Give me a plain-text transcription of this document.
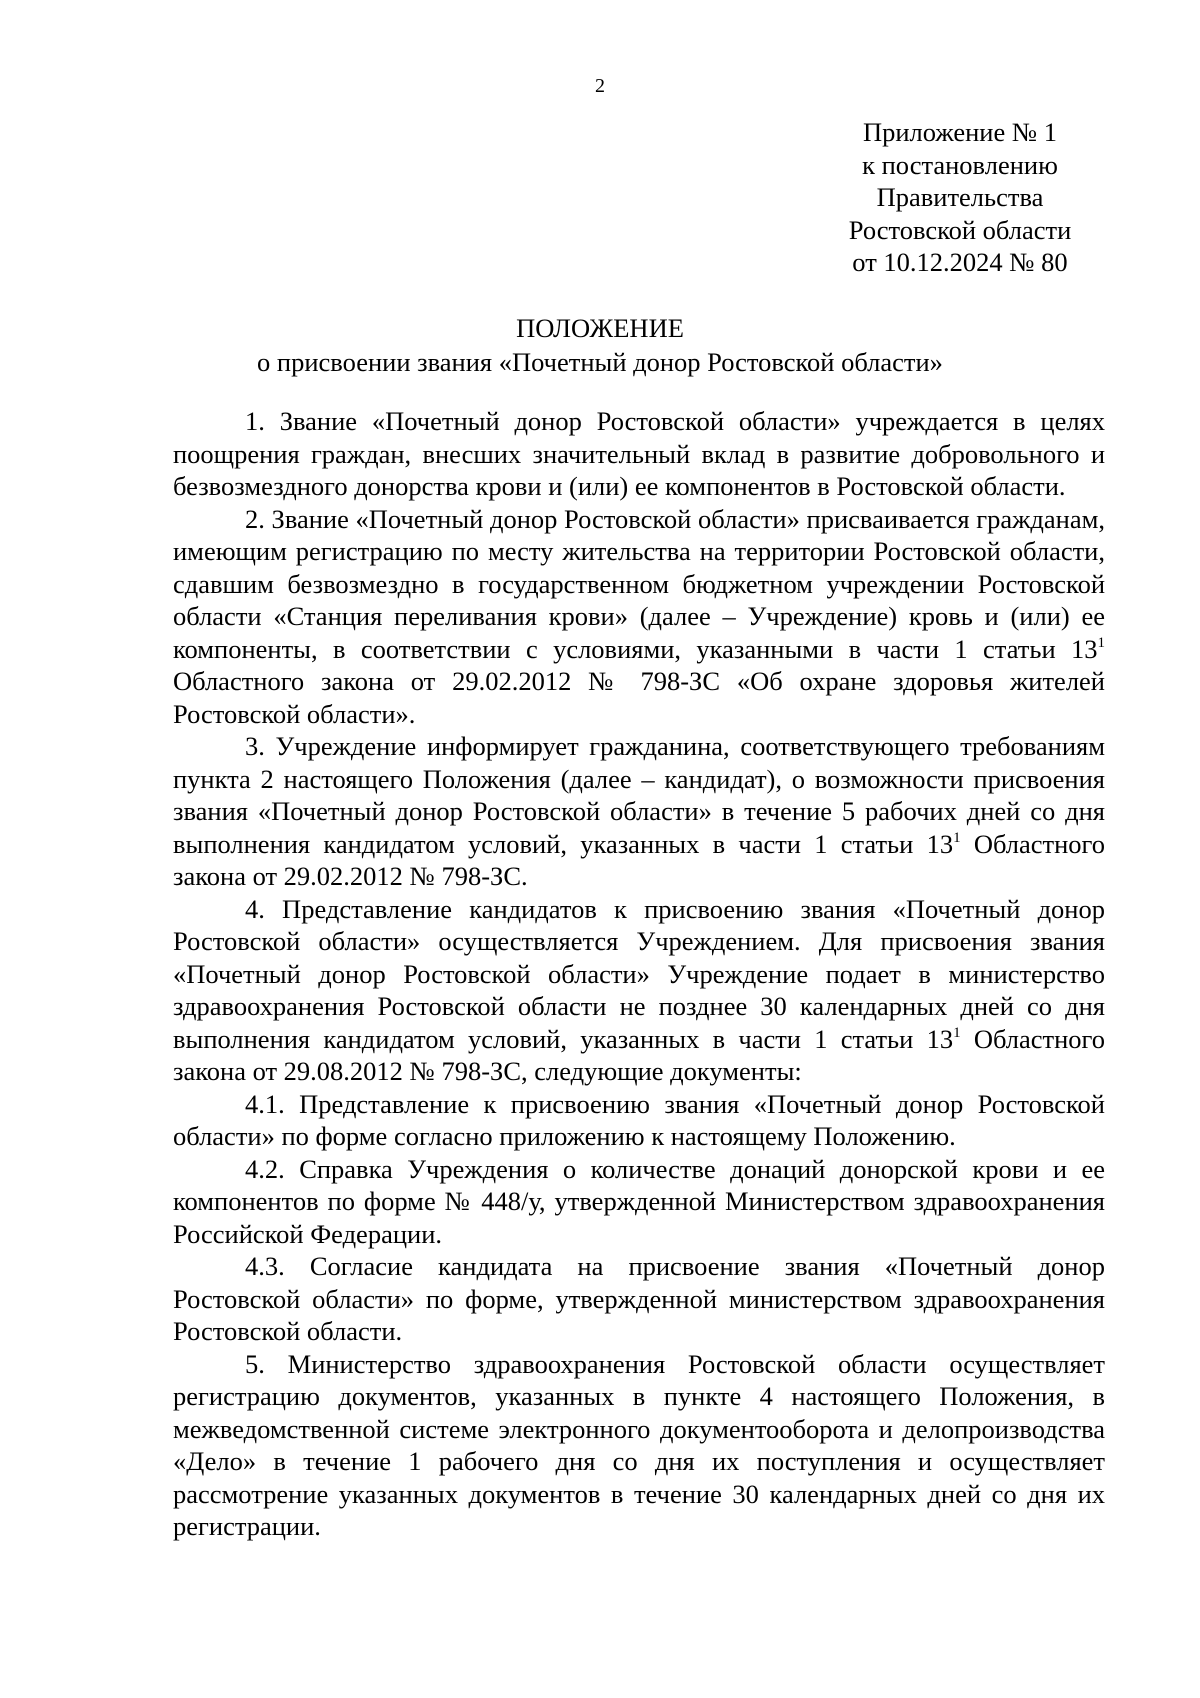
2
Приложение № 1
к постановлению
Правительства
Ростовской области
от 10.12.2024 № 80
ПОЛОЖЕНИЕ
о присвоении звания «Почетный донор Ростовской области»

1. Звание «Почетный донор Ростовской области» учреждается в целях поощрения граждан, внесших значительный вклад в развитие добровольного и безвозмездного донорства крови и (или) ее компонентов в Ростовской области.

2. Звание «Почетный донор Ростовской области» присваивается гражданам, имеющим регистрацию по месту жительства на территории Ростовской области, сдавшим безвозмездно в государственном бюджетном учреждении Ростовской области «Станция переливания крови» (далее – Учреждение) кровь и (или) ее компоненты, в соответствии с условиями, указанными в части 1 статьи $13^1$ Областного закона от 29.02.2012 № 798-ЗС «Об охране здоровья жителей Ростовской области».

3. Учреждение информирует гражданина, соответствующего требованиям пункта 2 настоящего Положения (далее – кандидат), о возможности присвоения звания «Почетный донор Ростовской области» в течение 5 рабочих дней со дня выполнения кандидатом условий, указанных в части 1 статьи $13^1$ Областного закона от 29.02.2012 № 798-ЗС.

4. Представление кандидатов к присвоению звания «Почетный донор Ростовской области» осуществляется Учреждением. Для присвоения звания «Почетный донор Ростовской области» Учреждение подает в министерство здравоохранения Ростовской области не позднее 30 календарных дней со дня выполнения кандидатом условий, указанных в части 1 статьи $13^1$ Областного закона от 29.08.2012 № 798-ЗС, следующие документы:

4.1. Представление к присвоению звания «Почетный донор Ростовской области» по форме согласно приложению к настоящему Положению.

4.2. Справка Учреждения о количестве донаций донорской крови и ее компонентов по форме № 448/у, утвержденной Министерством здравоохранения Российской Федерации.

4.3. Согласие кандидата на присвоение звания «Почетный донор Ростовской области» по форме, утвержденной министерством здравоохранения Ростовской области.

5. Министерство здравоохранения Ростовской области осуществляет регистрацию документов, указанных в пункте 4 настоящего Положения, в межведомственной системе электронного документооборота и делопроизводства «Дело» в течение 1 рабочего дня со дня их поступления и осуществляет рассмотрение указанных документов в течение 30 календарных дней со дня их регистрации.
